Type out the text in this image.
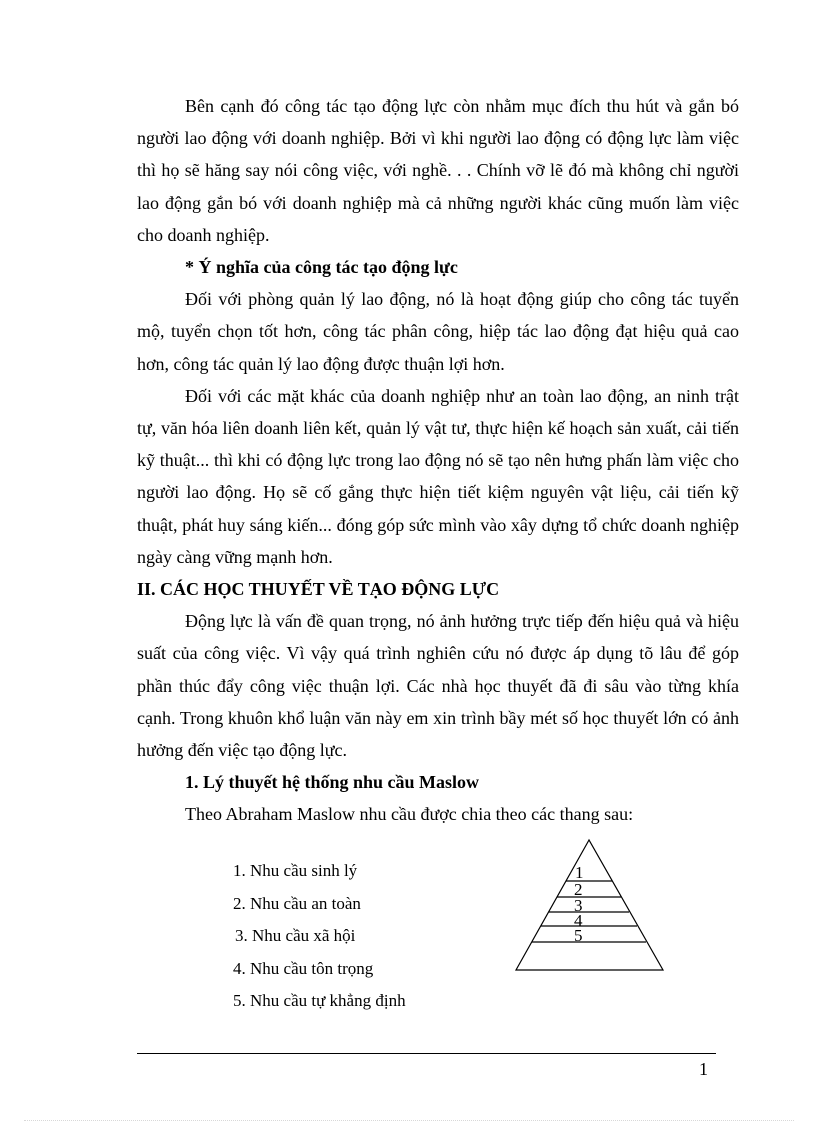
Bên cạnh đó công tác tạo động lực còn nhằm mục đích thu hút và gắn bó người lao động với doanh nghiệp. Bởi vì khi người lao động có động lực làm việc thì họ sẽ hăng say nói công việc, với nghề. . . Chính vỡ lẽ đó mà không chỉ người lao động gắn bó với doanh nghiệp mà cả những người khác cũng muốn làm việc cho doanh nghiệp.

* Ý nghĩa của công tác tạo động lực

Đối với phòng quản lý lao động, nó là hoạt động giúp cho công tác tuyển mộ, tuyển chọn tốt hơn, công tác phân công, hiệp tác lao động đạt hiệu quả cao hơn, công tác quản lý lao động được thuận lợi hơn.

Đối với các mặt khác của doanh nghiệp như an toàn lao động, an ninh trật tự, văn hóa liên doanh liên kết, quản lý vật tư, thực hiện kế hoạch sản xuất, cải tiến kỹ thuật... thì khi có động lực trong lao động nó sẽ tạo nên hưng phấn làm việc cho người lao động. Họ sẽ cố gắng thực hiện tiết kiệm nguyên vật liệu, cải tiến kỹ thuật, phát huy sáng kiến... đóng góp sức mình vào xây dựng tổ chức doanh nghiệp ngày càng vững mạnh hơn.

II. CÁC HỌC THUYẾT VỀ TẠO ĐỘNG LỰC

Động lực là vấn đề quan trọng, nó ảnh hưởng trực tiếp đến hiệu quả và hiệu suất của công việc. Vì vậy quá trình nghiên cứu nó được áp dụng tõ lâu để góp phần thúc đẩy công việc thuận lợi. Các nhà học thuyết đã đi sâu vào từng khía cạnh. Trong khuôn khổ luận văn này em xin trình bầy mét số học thuyết lớn có ảnh hưởng đến việc tạo động lực.

1. Lý thuyết hệ thống nhu cầu Maslow

Theo Abraham Maslow nhu cầu được chia theo các thang sau:

1. Nhu cầu sinh lý
2. Nhu cầu an toàn
3. Nhu cầu xã hội
4. Nhu cầu tôn trọng
5. Nhu cầu tự khẳng định
1
2
3
4
5
1
